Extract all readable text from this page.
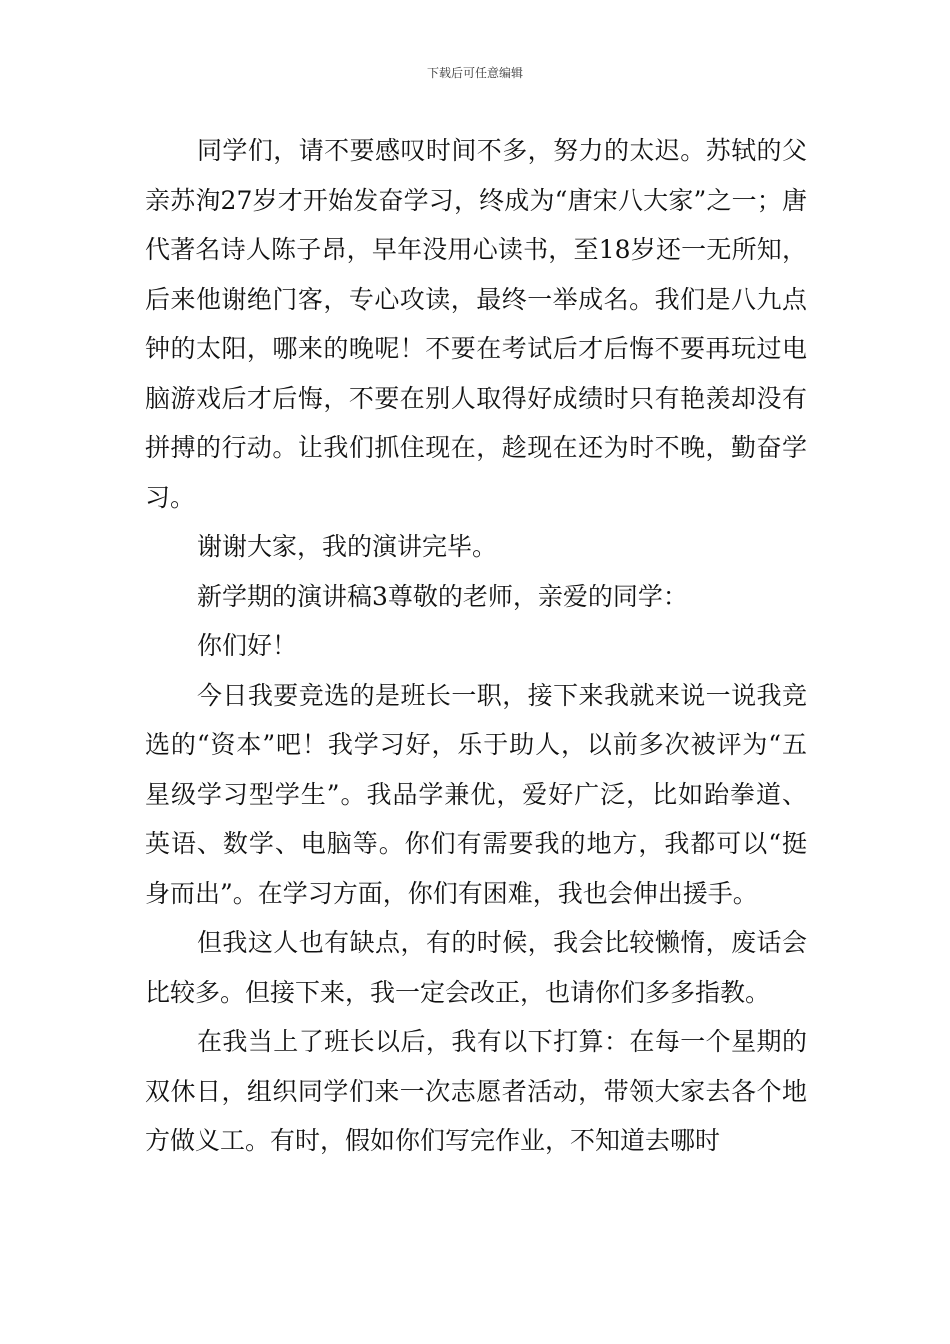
下载后可任意编辑

同学们，请不要感叹时间不多，努力的太迟。苏轼的父亲苏洵27岁才开始发奋学习，终成为“唐宋八大家”之一；唐代著名诗人陈子昂，早年没用心读书，至18岁还一无所知，后来他谢绝门客，专心攻读，最终一举成名。我们是八九点钟的太阳，哪来的晚呢！不要在考试后才后悔不要再玩过电脑游戏后才后悔，不要在别人取得好成绩时只有艳羡却没有拼搏的行动。让我们抓住现在，趁现在还为时不晚，勤奋学习。

谢谢大家，我的演讲完毕。

新学期的演讲稿3尊敬的老师，亲爱的同学：

你们好！

今日我要竞选的是班长一职，接下来我就来说一说我竞选的“资本”吧！我学习好，乐于助人，以前多次被评为“五星级学习型学生”。我品学兼优，爱好广泛，比如跆拳道、英语、数学、电脑等。你们有需要我的地方，我都可以“挺身而出”。在学习方面，你们有困难，我也会伸出援手。

但我这人也有缺点，有的时候，我会比较懒惰，废话会比较多。但接下来，我一定会改正，也请你们多多指教。

在我当上了班长以后，我有以下打算：在每一个星期的双休日，组织同学们来一次志愿者活动，带领大家去各个地方做义工。有时，假如你们写完作业，不知道去哪时
